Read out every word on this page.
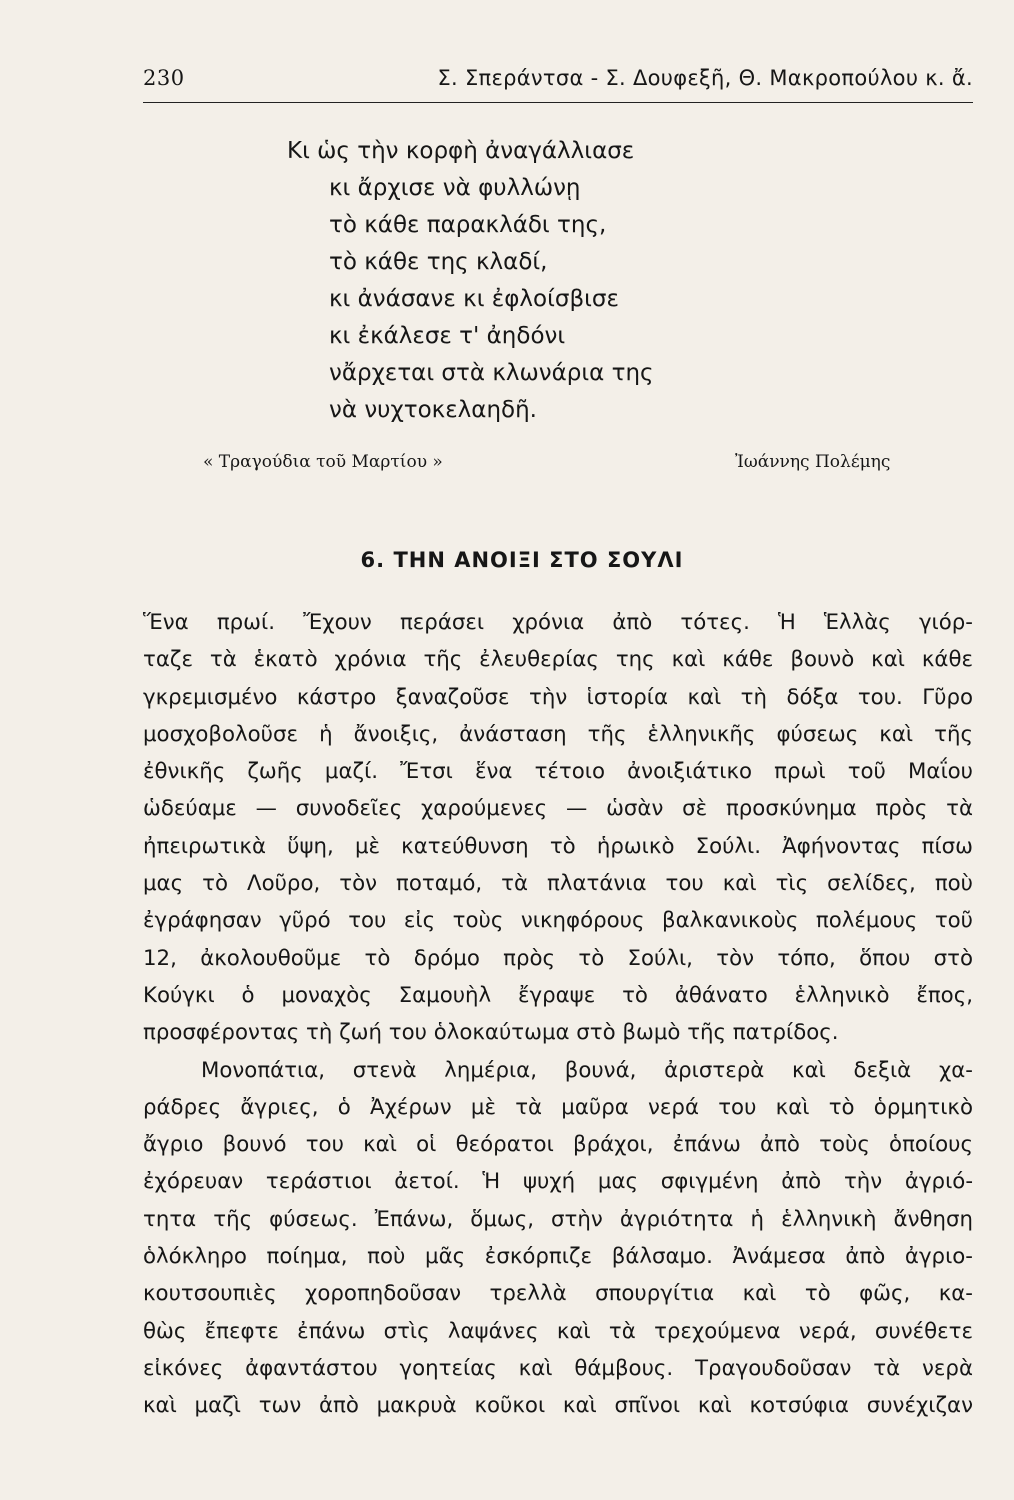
230	Σ. Σπεράντσα - Σ. Δουφεξῆ, Θ. Μακροπούλου κ. ἄ.
Κι ὡς τὴν κορφὴ ἀναγάλλιασε
κι ἄρχισε νὰ φυλλώνῃ
τὸ κάθε παρακλάδι της,
τὸ κάθε της κλαδί,
κι ἀνάσανε κι ἐφλοίσβισε
κι ἐκάλεσε τ' ἀηδόνι
νἄρχεται στὰ κλωνάρια της
νὰ νυχτοκελαηδῆ.
« Τραγούδια τοῦ Μαρτίου »	Ἰωάννης Πολέμης
6. ΤΗΝ ΑΝΟΙΞΙ ΣΤΟ ΣΟΥΛΙ
Ἕνα πρωί. Ἔχουν περάσει χρόνια ἀπὸ τότες. Ἡ Ἑλλὰς γιόρ-
ταζε τὰ ἑκατὸ χρόνια τῆς ἐλευθερίας της καὶ κάθε βουνὸ καὶ κάθε
γκρεμισμένο κάστρο ξαναζοῦσε τὴν ἱστορία καὶ τὴ δόξα του. Γῦρο
μοσχοβολοῦσε ἡ ἄνοιξις, ἀνάσταση τῆς ἑλληνικῆς φύσεως καὶ τῆς
ἐθνικῆς ζωῆς μαζί. Ἔτσι ἕνα τέτοιο ἀνοιξιάτικο πρωὶ τοῦ Μαΐου
ὡδεύαμε — συνοδεῖες χαρούμενες — ὡσὰν σὲ προσκύνημα πρὸς τὰ
ἠπειρωτικὰ ὕψη, μὲ κατεύθυνση τὸ ἡρωικὸ Σούλι. Ἀφήνοντας πίσω
μας τὸ Λοῦρο, τὸν ποταμό, τὰ πλατάνια του καὶ τὶς σελίδες, ποὺ
ἐγράφησαν γῦρό του εἰς τοὺς νικηφόρους βαλκανικοὺς πολέμους τοῦ
12, ἀκολουθοῦμε τὸ δρόμο πρὸς τὸ Σούλι, τὸν τόπο, ὅπου στὸ
Κούγκι ὁ μοναχὸς Σαμουὴλ ἔγραψε τὸ ἀθάνατο ἑλληνικὸ ἔπος,
προσφέροντας τὴ ζωή του ὁλοκαύτωμα στὸ βωμὸ τῆς πατρίδος.
Μονοπάτια, στενὰ λημέρια, βουνά, ἀριστερὰ καὶ δεξιὰ χα-
ράδρες ἄγριες, ὁ Ἀχέρων μὲ τὰ μαῦρα νερά του καὶ τὸ ὁρμητικὸ
ἄγριο βουνό του καὶ οἱ θεόρατοι βράχοι, ἐπάνω ἀπὸ τοὺς ὁποίους
ἐχόρευαν τεράστιοι ἀετοί. Ἡ ψυχή μας σφιγμένη ἀπὸ τὴν ἀγριό-
τητα τῆς φύσεως. Ἐπάνω, ὅμως, στὴν ἀγριότητα ἡ ἑλληνικὴ ἄνθηση
ὁλόκληρο ποίημα, ποὺ μᾶς ἐσκόρπιζε βάλσαμο. Ἀνάμεσα ἀπὸ ἀγριο-
κουτσουπιὲς χοροπηδοῦσαν τρελλὰ σπουργίτια καὶ τὸ φῶς, κα-
θὼς ἔπεφτε ἐπάνω στὶς λαψάνες καὶ τὰ τρεχούμενα νερά, συνέθετε
εἰκόνες ἀφαντάστου γοητείας καὶ θάμβους. Τραγουδοῦσαν τὰ νερὰ
καὶ μαζὶ των ἀπὸ μακρυὰ κοῦκοι καὶ σπῖνοι καὶ κοτσύφια συνέχιζαν
